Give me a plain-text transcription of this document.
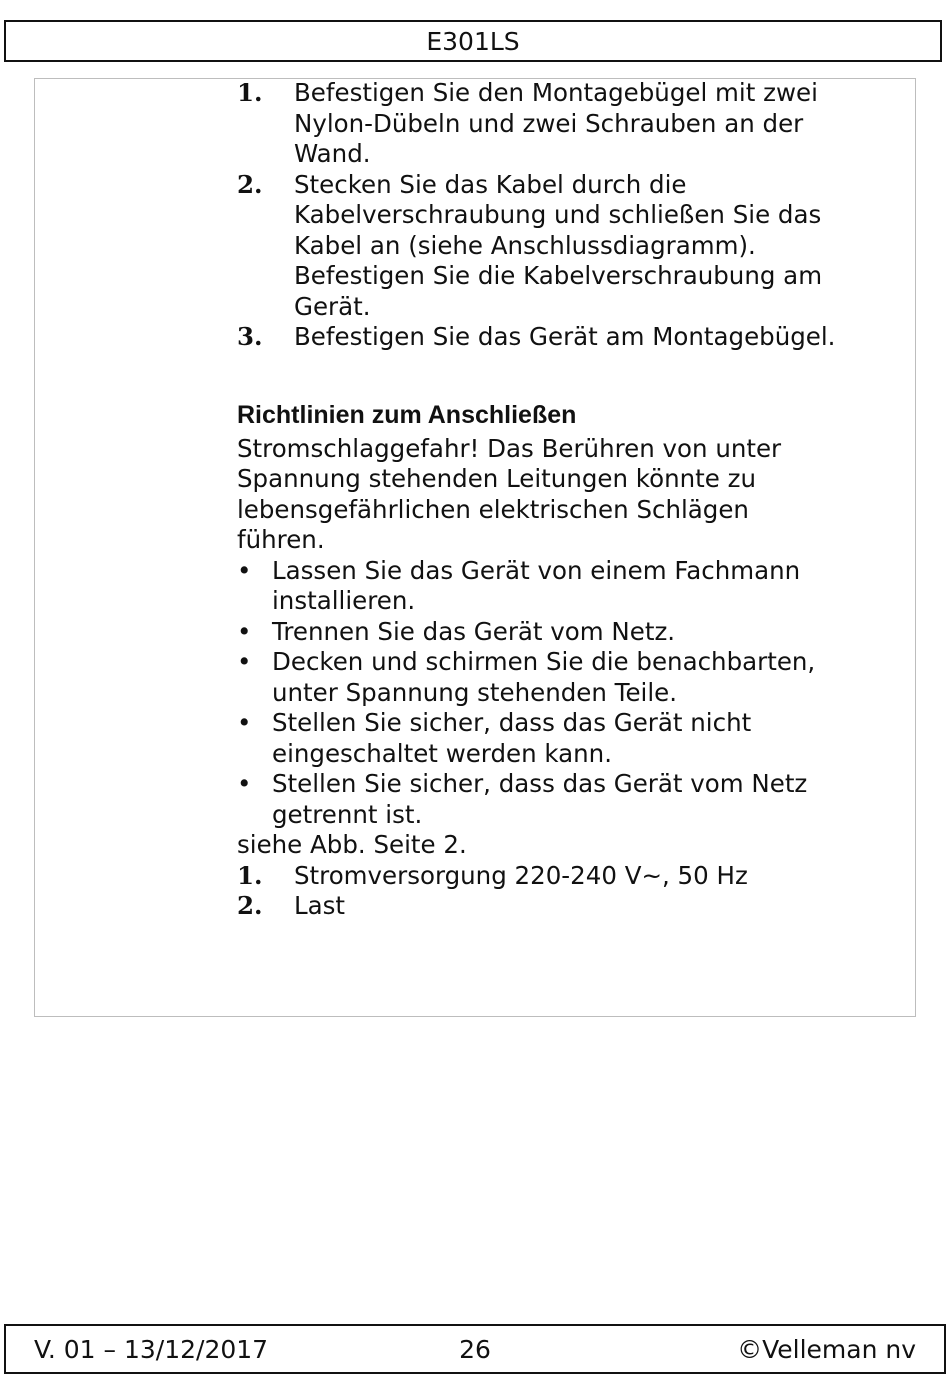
E301LS
1. Befestigen Sie den Montagebügel mit zwei Nylon-Dübeln und zwei Schrauben an der Wand.
2. Stecken Sie das Kabel durch die Kabelverschraubung und schließen Sie das Kabel an (siehe Anschlussdiagramm). Befestigen Sie die Kabelverschraubung am Gerät.
3. Befestigen Sie das Gerät am Montagebügel.
Richtlinien zum Anschließen

Stromschlaggefahr! Das Berühren von unter Spannung stehenden Leitungen könnte zu lebensgefährlichen elektrischen Schlägen führen.

• Lassen Sie das Gerät von einem Fachmann installieren.
• Trennen Sie das Gerät vom Netz.
• Decken und schirmen Sie die benachbarten, unter Spannung stehenden Teile.
• Stellen Sie sicher, dass das Gerät nicht eingeschaltet werden kann.
• Stellen Sie sicher, dass das Gerät vom Netz getrennt ist.

siehe Abb. Seite 2.

1. Stromversorgung 220-240 V~, 50 Hz
2. Last
V. 01 – 13/12/2017	26	©Velleman nv
